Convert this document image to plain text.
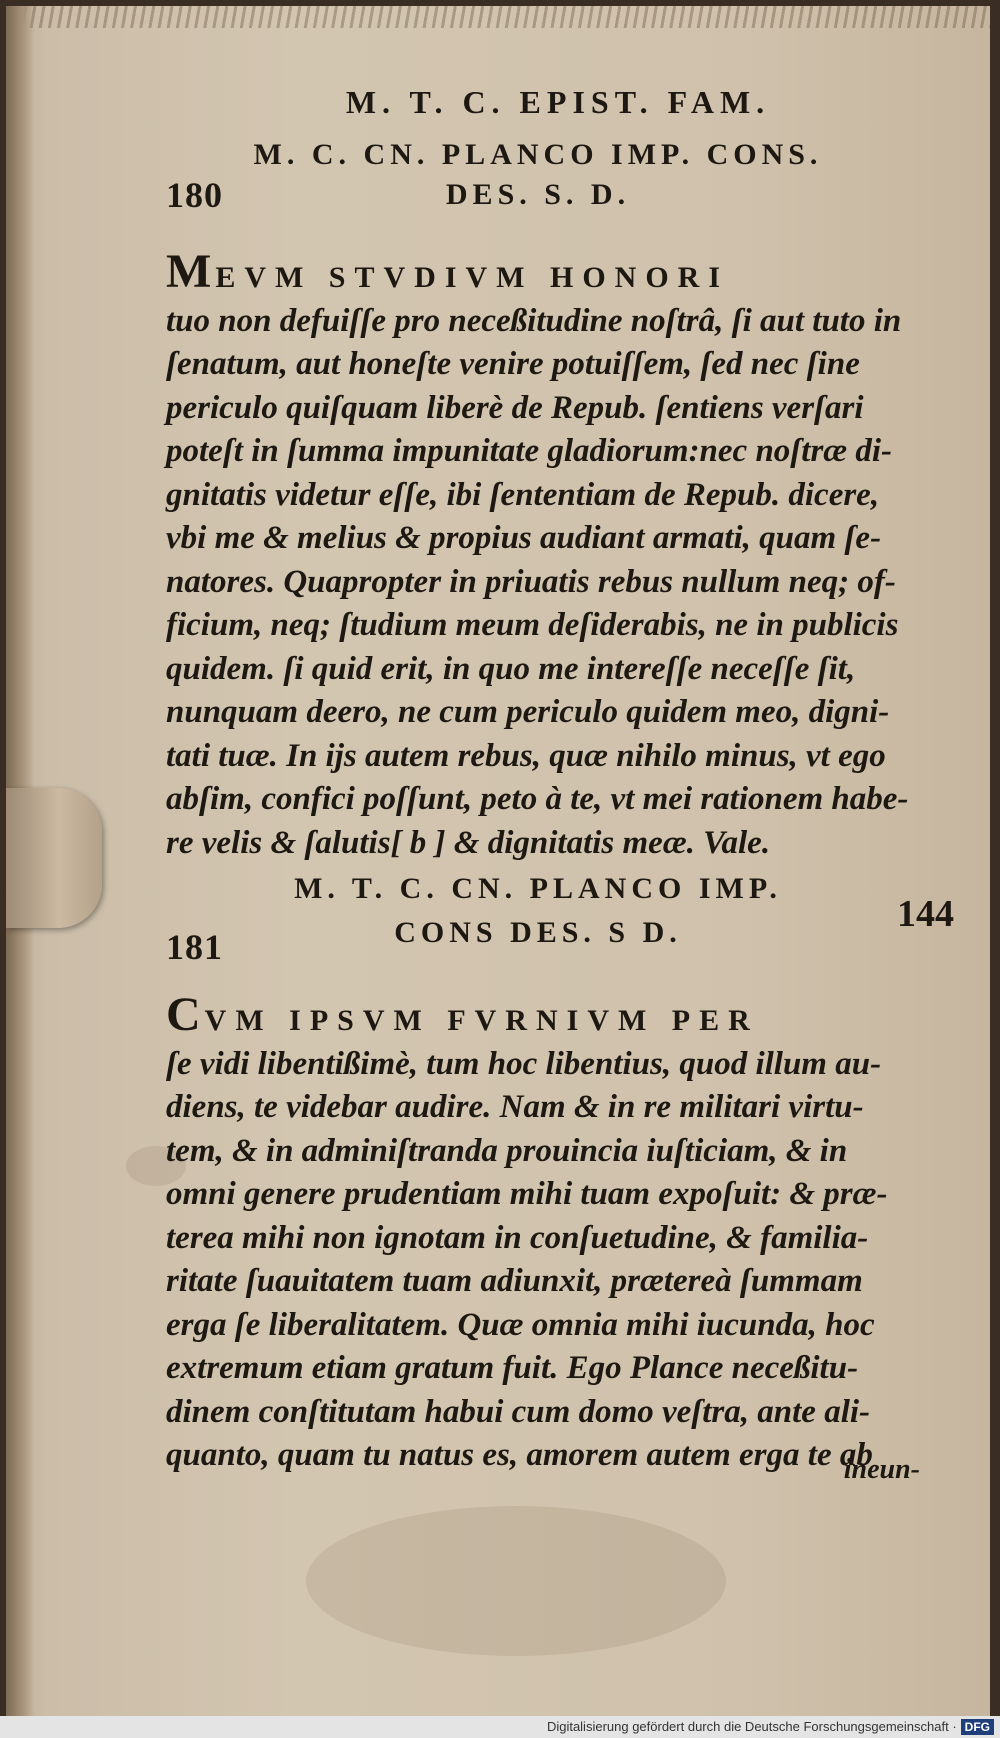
M. T. C. EPIST. FAM.
M. C. CN. PLANCO IMP. CONS.
180	DES. S. D.
MEVM STVDIVM HONORI
tuo non defuiſſe pro neceßitudine noſtrâ, ſi aut tuto in
ſenatum, aut honeſte venire potuiſſem, ſed nec ſine
periculo quiſquam liberè de Repub. ſentiens verſari
poteſt in ſumma impunitate gladiorum:nec noſtræ di-
gnitatis videtur eſſe, ibi ſententiam de Repub. dicere,
vbi me & melius & propius audiant armati, quam ſe-
natores. Quapropter in priuatis rebus nullum neq; of-
ficium, neq; ſtudium meum deſiderabis, ne in publicis
quidem. ſi quid erit, in quo me intereſſe neceſſe ſit,
nunquam deero, ne cum periculo quidem meo, digni-
tati tuæ. In ijs autem rebus, quæ nihilo minus, vt ego
abſim, confici poſſunt, peto à te, vt mei rationem habe-
re velis & ſalutis[ b ] & dignitatis meæ. Vale.
M. T. C. CN. PLANCO IMP.
144
181	CONS DES. S D.
CVM IPSVM FVRNIVM PER
ſe vidi libentißimè, tum hoc libentius, quod illum au-
diens, te videbar audire. Nam & in re militari virtu-
tem, & in adminiſtranda prouincia iuſticiam, & in
omni genere prudentiam mihi tuam expoſuit: & præ-
terea mihi non ignotam in conſuetudine, & familia-
ritate ſuauitatem tuam adiunxit, prætereà ſummam
erga ſe liberalitatem. Quæ omnia mihi iucunda, hoc
extremum etiam gratum fuit. Ego Plance neceßitu-
dinem conſtitutam habui cum domo veſtra, ante ali-
quanto, quam tu natus es, amorem autem erga te ab
ineun-
Digitalisierung gefördert durch die Deutsche Forschungsgemeinschaft · DFG
